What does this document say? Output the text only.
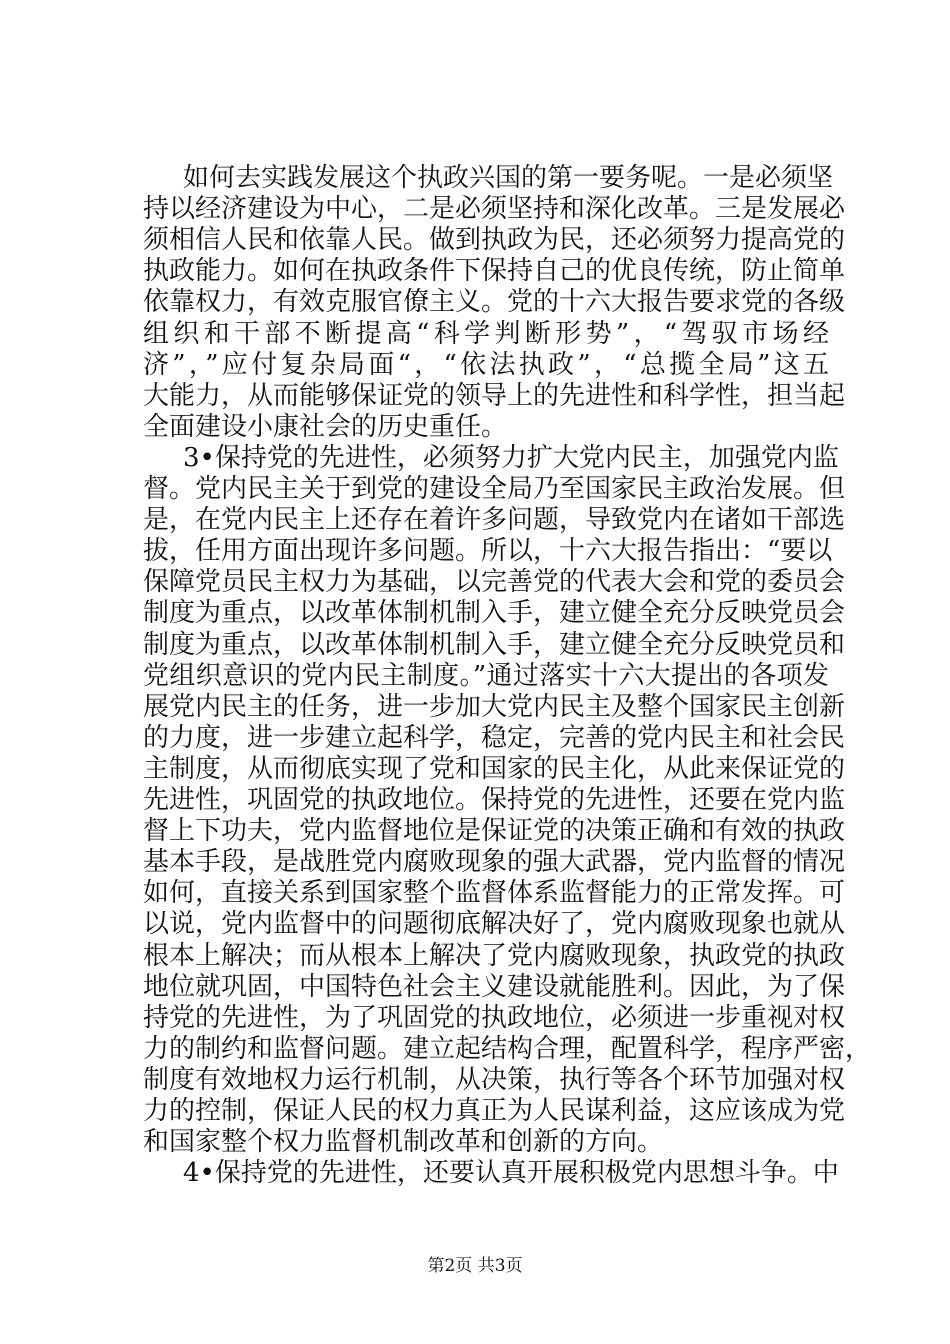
如何去实践发展这个执政兴国的第一要务呢。一是必须坚
持以经济建设为中心，二是必须坚持和深化改革。三是发展必
须相信人民和依靠人民。做到执政为民，还必须努力提高党的
执政能力。如何在执政条件下保持自己的优良传统，防止简单
依靠权力，有效克服官僚主义。党的十六大报告要求党的各级
组织和干部不断提高“科学判断形势”，“驾驭市场经
济”，”应付复杂局面“，“依法执政”，“总揽全局”这五
大能力，从而能够保证党的领导上的先进性和科学性，担当起
全面建设小康社会的历史重任。
3•保持党的先进性，必须努力扩大党内民主，加强党内监
督。党内民主关于到党的建设全局乃至国家民主政治发展。但
是，在党内民主上还存在着许多问题，导致党内在诸如干部选
拔，任用方面出现许多问题。所以，十六大报告指出：“要以
保障党员民主权力为基础，以完善党的代表大会和党的委员会
制度为重点，以改革体制机制入手，建立健全充分反映党员会
制度为重点，以改革体制机制入手，建立健全充分反映党员和
党组织意识的党内民主制度。”通过落实十六大提出的各项发
展党内民主的任务，进一步加大党内民主及整个国家民主创新
的力度，进一步建立起科学，稳定，完善的党内民主和社会民
主制度，从而彻底实现了党和国家的民主化，从此来保证党的
先进性，巩固党的执政地位。保持党的先进性，还要在党内监
督上下功夫，党内监督地位是保证党的决策正确和有效的执政
基本手段，是战胜党内腐败现象的强大武器，党内监督的情况
如何，直接关系到国家整个监督体系监督能力的正常发挥。可
以说，党内监督中的问题彻底解决好了，党内腐败现象也就从
根本上解决；而从根本上解决了党内腐败现象，执政党的执政
地位就巩固，中国特色社会主义建设就能胜利。因此，为了保
持党的先进性，为了巩固党的执政地位，必须进一步重视对权
力的制约和监督问题。建立起结构合理，配置科学，程序严密，
制度有效地权力运行机制，从决策，执行等各个环节加强对权
力的控制，保证人民的权力真正为人民谋利益，这应该成为党
和国家整个权力监督机制改革和创新的方向。
4•保持党的先进性，还要认真开展积极党内思想斗争。中
第2页 共3页
